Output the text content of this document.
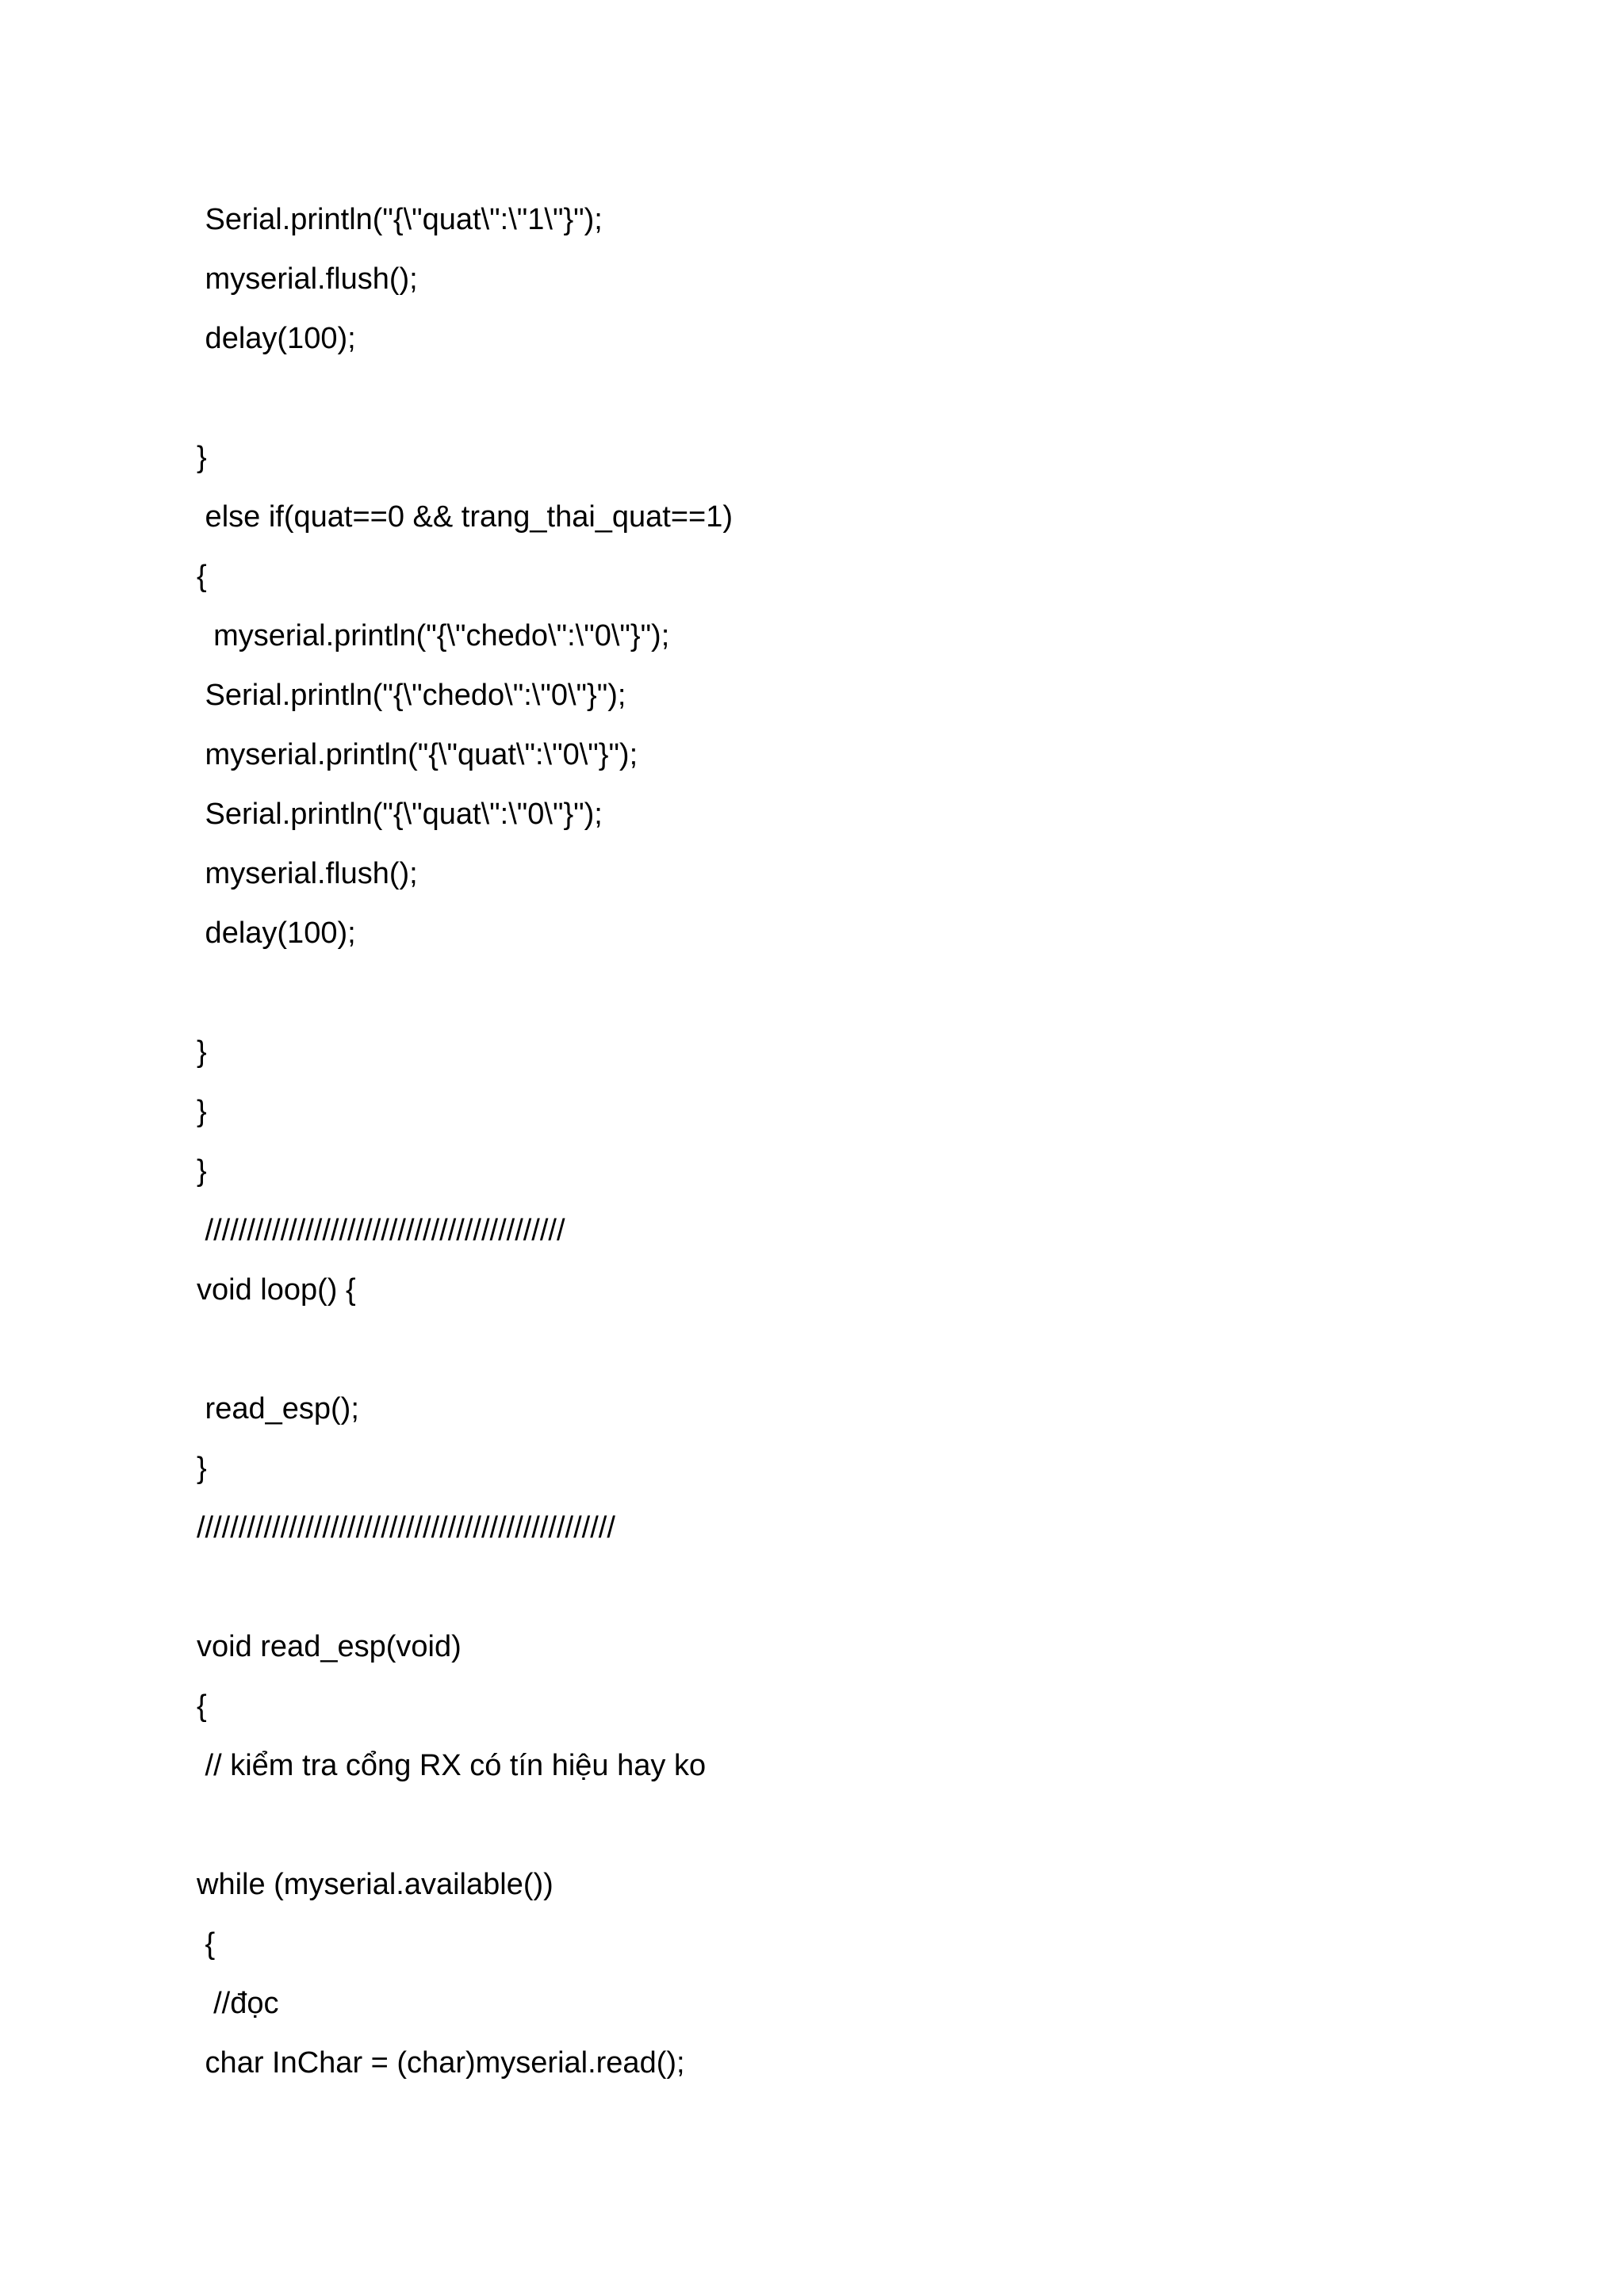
Serial.println("{\"quat\":\"1\"}");
myserial.flush();
delay(100);
}
else if(quat==0 && trang_thai_quat==1)
{
myserial.println("{\"chedo\":\"0\"}");
Serial.println("{\"chedo\":\"0\"}");
myserial.println("{\"quat\":\"0\"}");
Serial.println("{\"quat\":\"0\"}");
myserial.flush();
delay(100);
}
}
}
///////////////////////////////////////////
void loop() {
read_esp();
}
//////////////////////////////////////////////////
void read_esp(void)
{
// kiểm tra cổng RX có tín hiệu hay ko
while (myserial.available())
{
//đọc
char InChar = (char)myserial.read();
